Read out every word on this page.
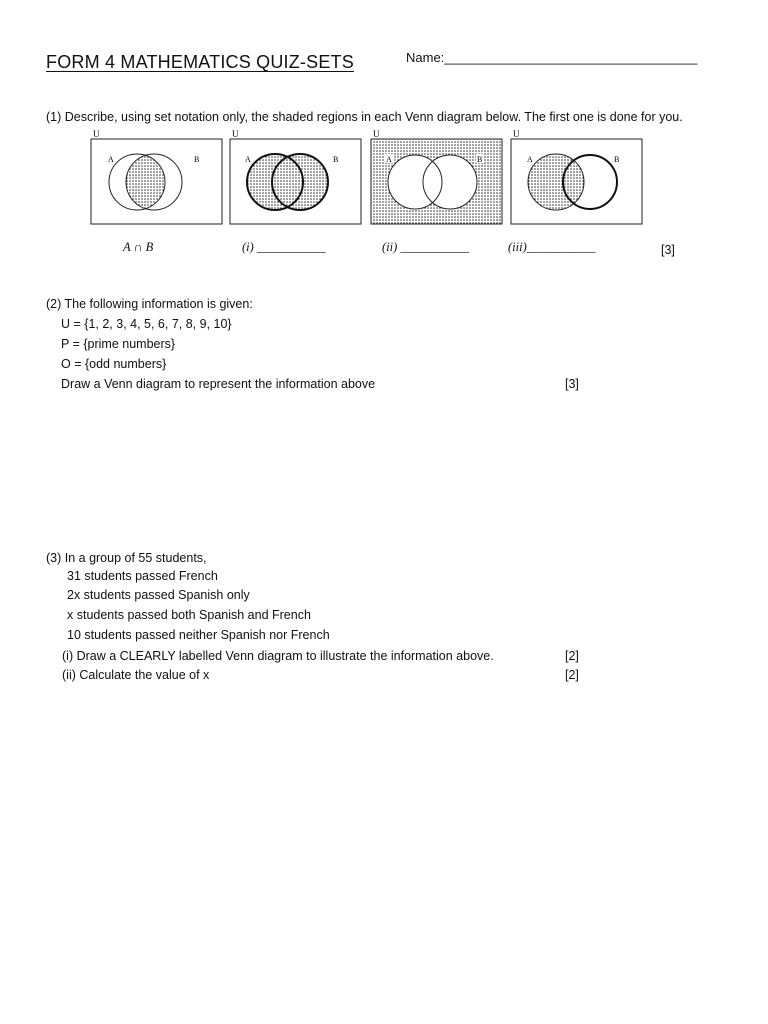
FORM 4 MATHEMATICS QUIZ-SETS	Name:___________________________________
(1) Describe, using set notation only, the shaded regions in each Venn diagram below. The first one is done for you.
U
A	B
U
A	B
U
A	B
U
A	B
A ∩ B	(i) ___________	(ii) ___________	(iii)___________	[3]
(2) The following information is given:
U = {1, 2, 3, 4, 5, 6, 7, 8, 9, 10}
P = {prime numbers}
O = {odd numbers}
Draw a Venn diagram to represent the information above	[3]
(3) In a group of 55 students,
31 students passed French
2x students passed Spanish only
x students passed both Spanish and French
10 students passed neither Spanish nor French
(i) Draw a CLEARLY labelled Venn diagram to illustrate the information above.	[2]
(ii) Calculate the value of x	[2]
